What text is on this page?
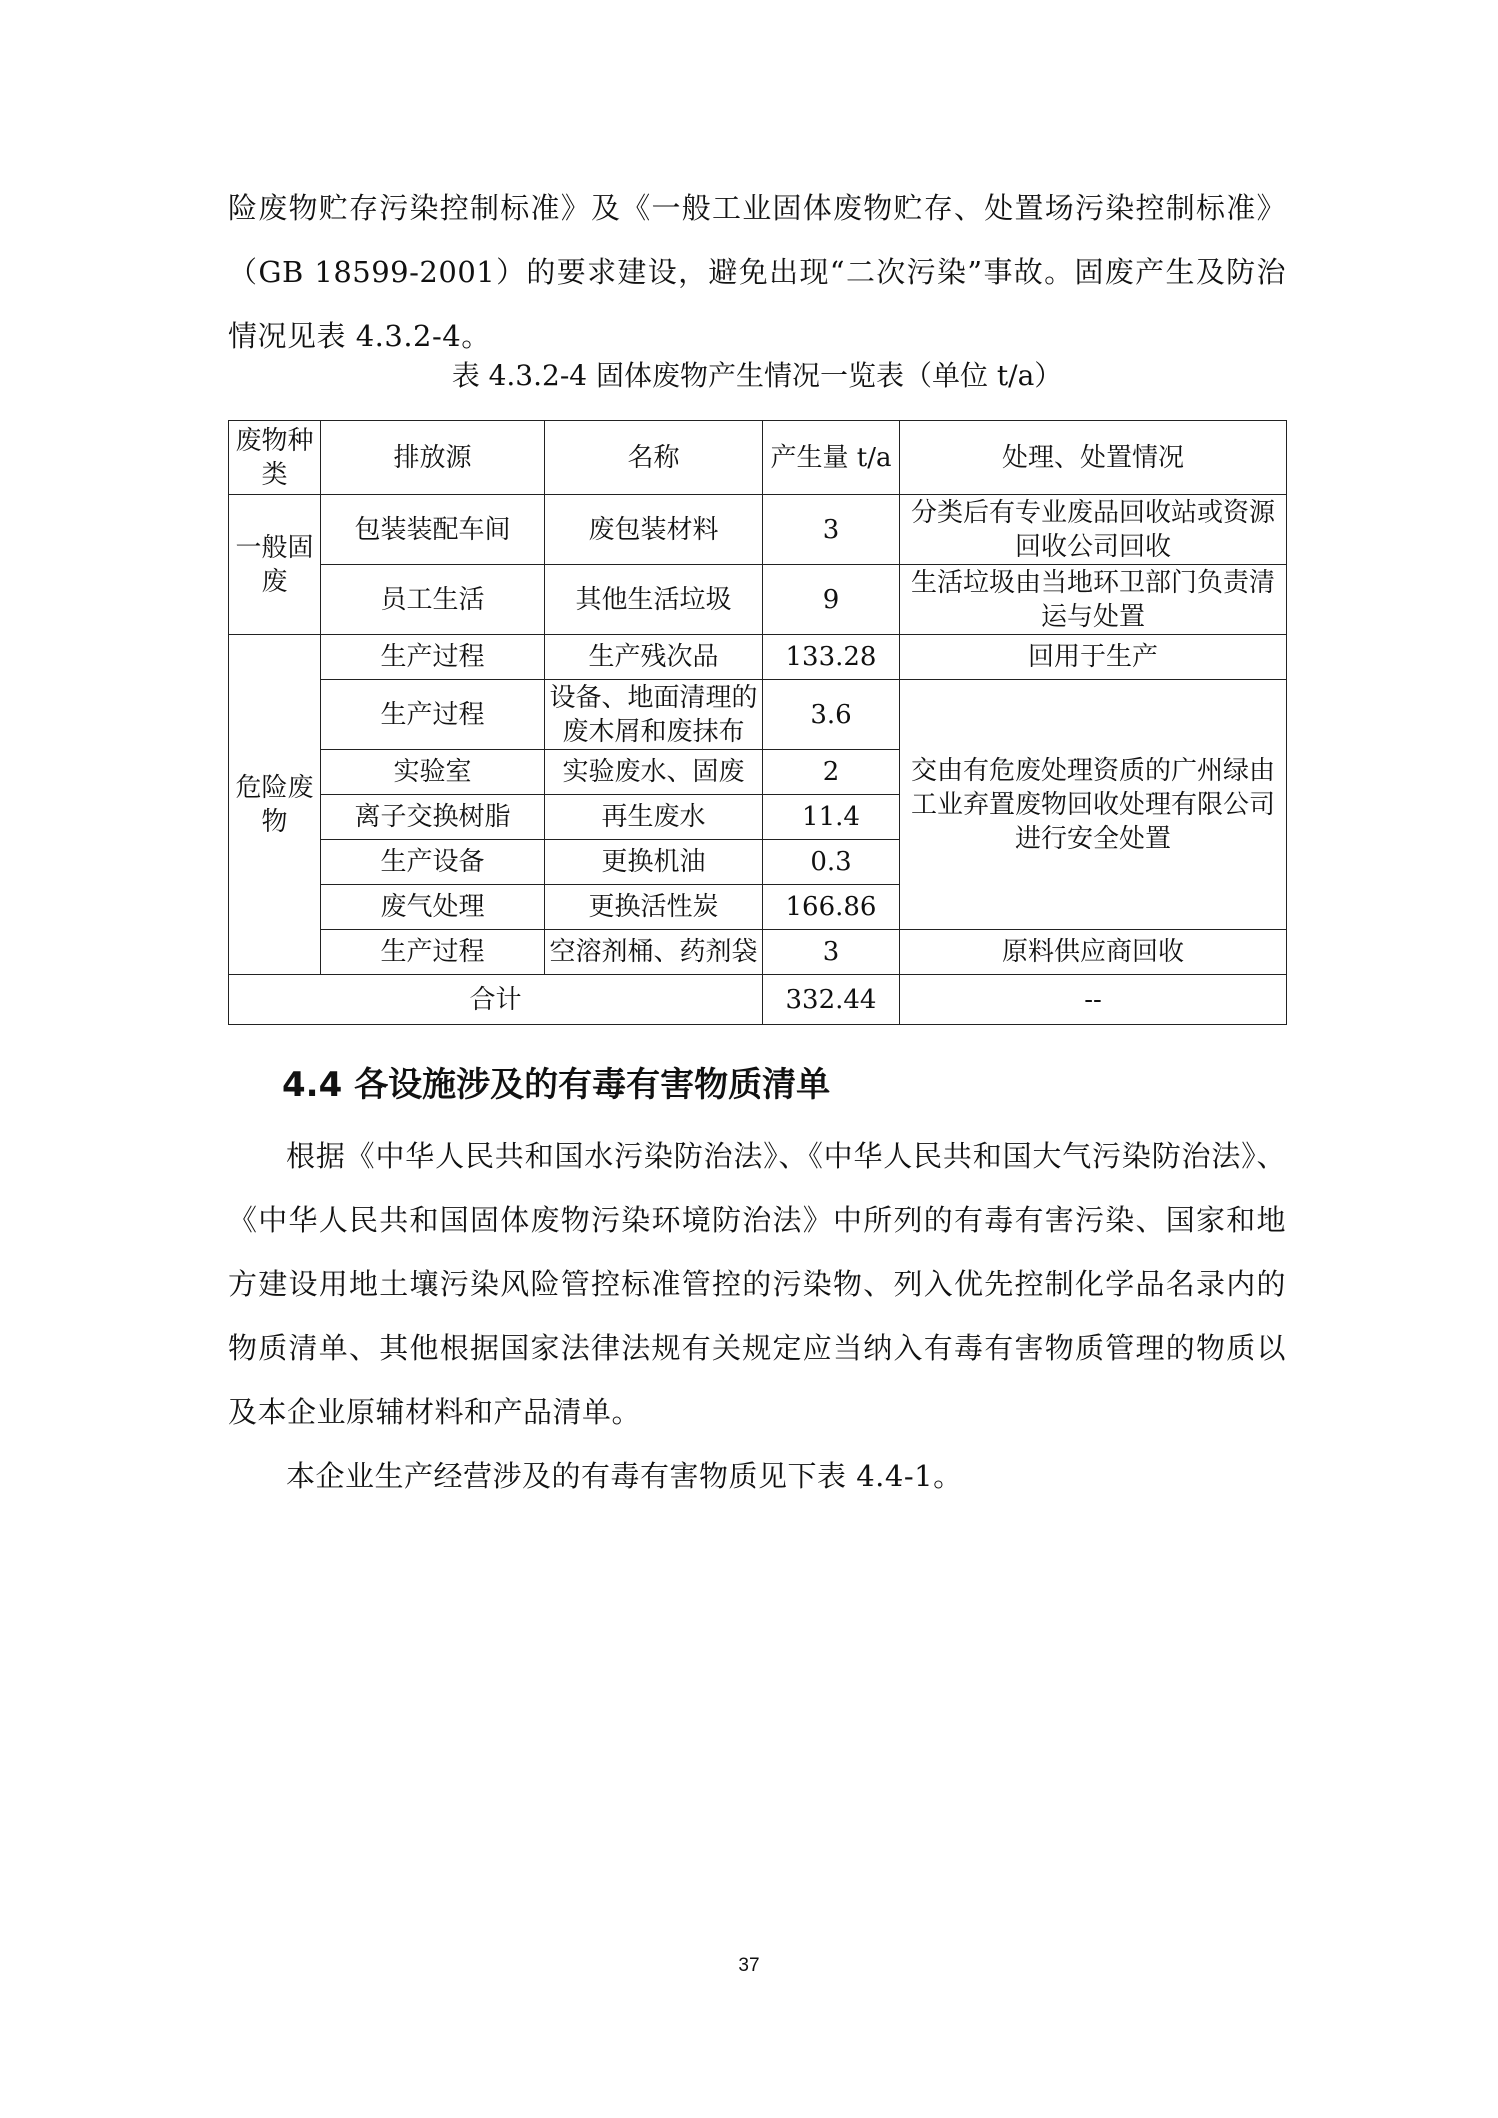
险废物贮存污染控制标准》及《一般工业固体废物贮存、处置场污染控制标准》（GB 18599-2001）的要求建设，避免出现“二次污染”事故。固废产生及防治情况见表 4.3.2-4。

表 4.3.2-4 固体废物产生情况一览表（单位 t/a）
废物种类	排放源	名称	产生量 t/a	处理、处置情况
一般固废	包装装配车间	废包装材料	3	分类后有专业废品回收站或资源回收公司回收
	员工生活	其他生活垃圾	9	生活垃圾由当地环卫部门负责清运与处置
危险废物	生产过程	生产残次品	133.28	回用于生产
	生产过程	设备、地面清理的废木屑和废抹布	3.6	交由有危废处理资质的广州绿由工业弃置废物回收处理有限公司进行安全处置
	实验室	实验废水、固废	2	
	离子交换树脂	再生废水	11.4	
	生产设备	更换机油	0.3	
	废气处理	更换活性炭	166.86	
	生产过程	空溶剂桶、药剂袋	3	原料供应商回收
合计			332.44	--
4.4 各设施涉及的有毒有害物质清单

根据《中华人民共和国水污染防治法》、《中华人民共和国大气污染防治法》、《中华人民共和国固体废物污染环境防治法》中所列的有毒有害污染、国家和地方建设用地土壤污染风险管控标准管控的污染物、列入优先控制化学品名录内的物质清单、其他根据国家法律法规有关规定应当纳入有毒有害物质管理的物质以及本企业原辅材料和产品清单。

本企业生产经营涉及的有毒有害物质见下表 4.4-1。

37
